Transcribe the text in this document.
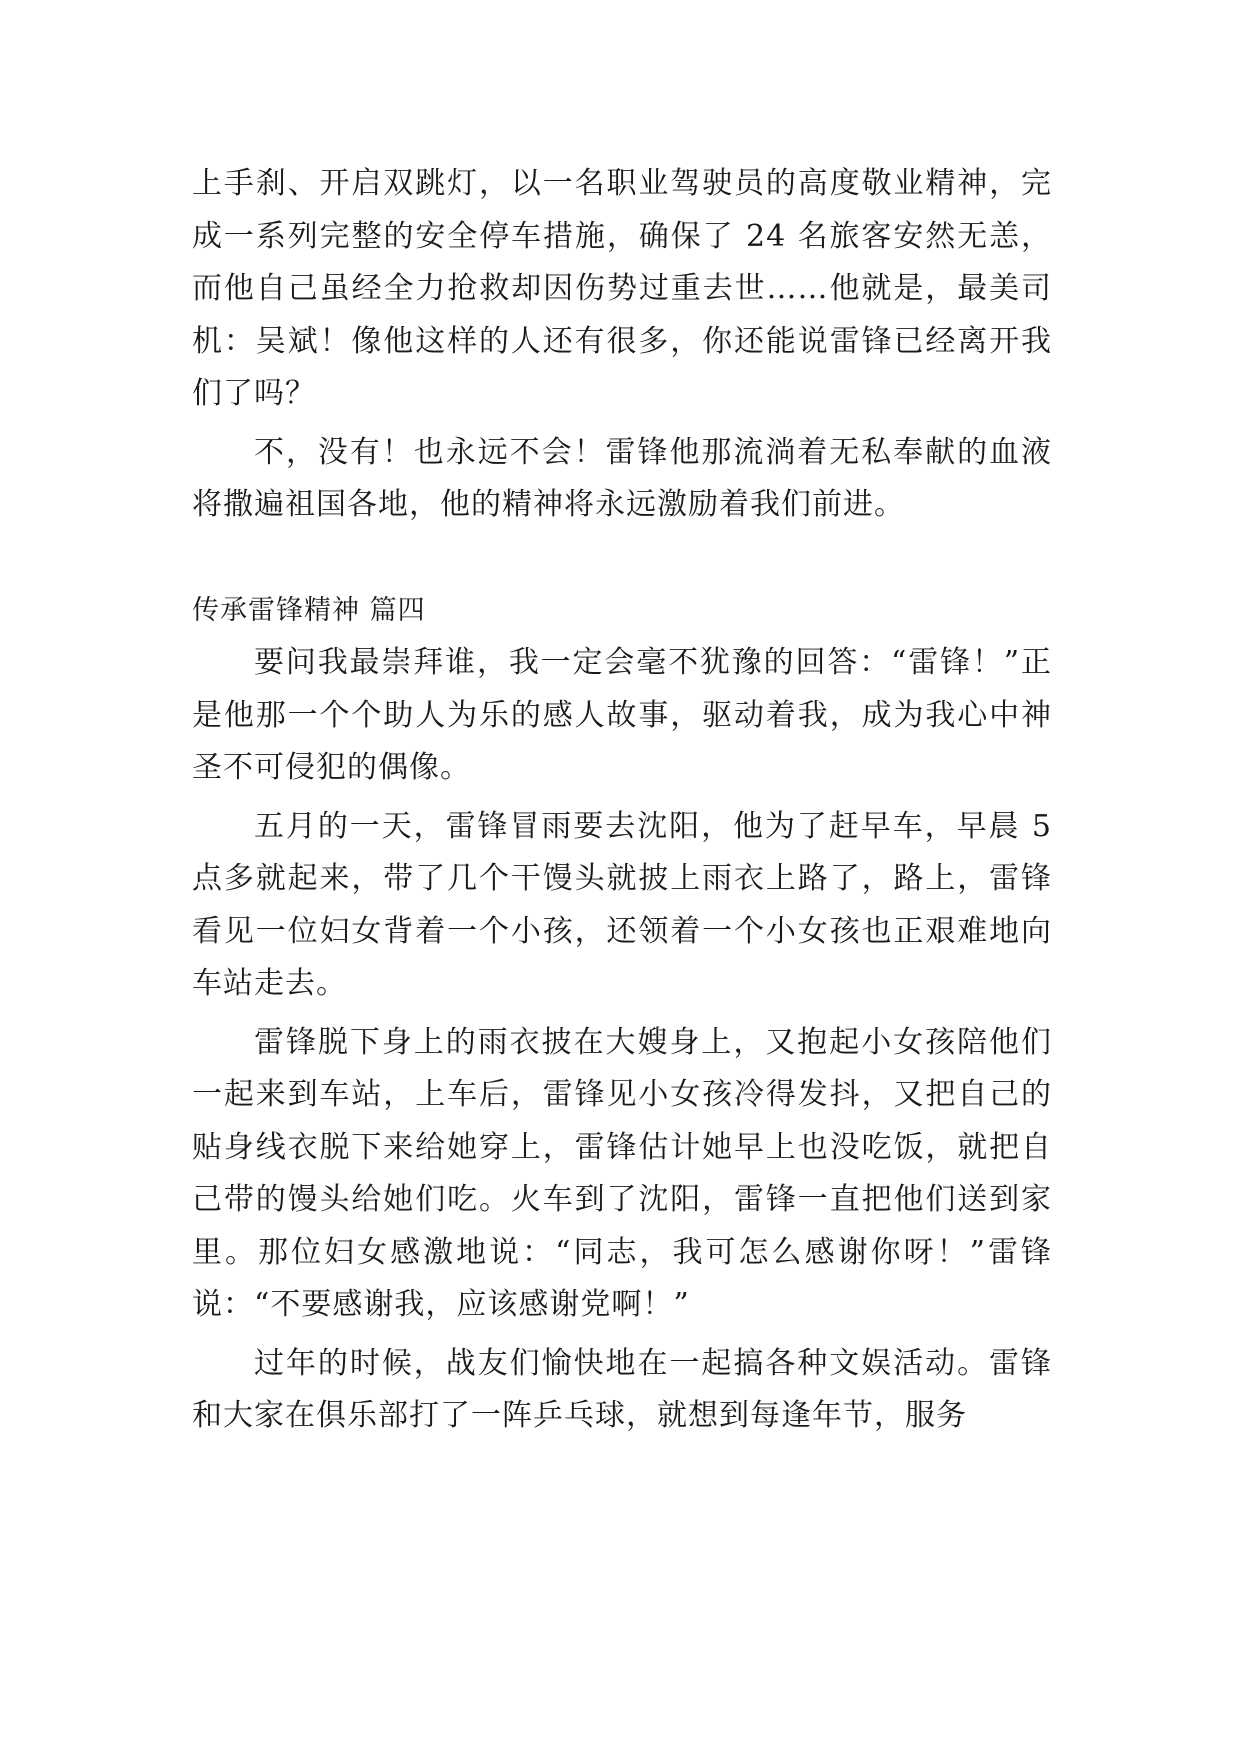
上手刹、开启双跳灯，以一名职业驾驶员的高度敬业精神，完成一系列完整的安全停车措施，确保了 24 名旅客安然无恙，而他自己虽经全力抢救却因伤势过重去世……他就是，最美司机：吴斌！像他这样的人还有很多，你还能说雷锋已经离开我们了吗？

不，没有！也永远不会！雷锋他那流淌着无私奉献的血液将撒遍祖国各地，他的精神将永远激励着我们前进。

传承雷锋精神 篇四

要问我最崇拜谁，我一定会毫不犹豫的回答：“雷锋！”正是他那一个个助人为乐的感人故事，驱动着我，成为我心中神圣不可侵犯的偶像。

五月的一天，雷锋冒雨要去沈阳，他为了赶早车，早晨 5 点多就起来，带了几个干馒头就披上雨衣上路了，路上，雷锋看见一位妇女背着一个小孩，还领着一个小女孩也正艰难地向车站走去。

雷锋脱下身上的雨衣披在大嫂身上，又抱起小女孩陪他们一起来到车站，上车后，雷锋见小女孩冷得发抖，又把自己的贴身线衣脱下来给她穿上，雷锋估计她早上也没吃饭，就把自己带的馒头给她们吃。火车到了沈阳，雷锋一直把他们送到家里。那位妇女感激地说：“同志，我可怎么感谢你呀！”雷锋说：“不要感谢我，应该感谢党啊！”

过年的时候，战友们愉快地在一起搞各种文娱活动。雷锋和大家在俱乐部打了一阵乒乓球，就想到每逢年节，服务
